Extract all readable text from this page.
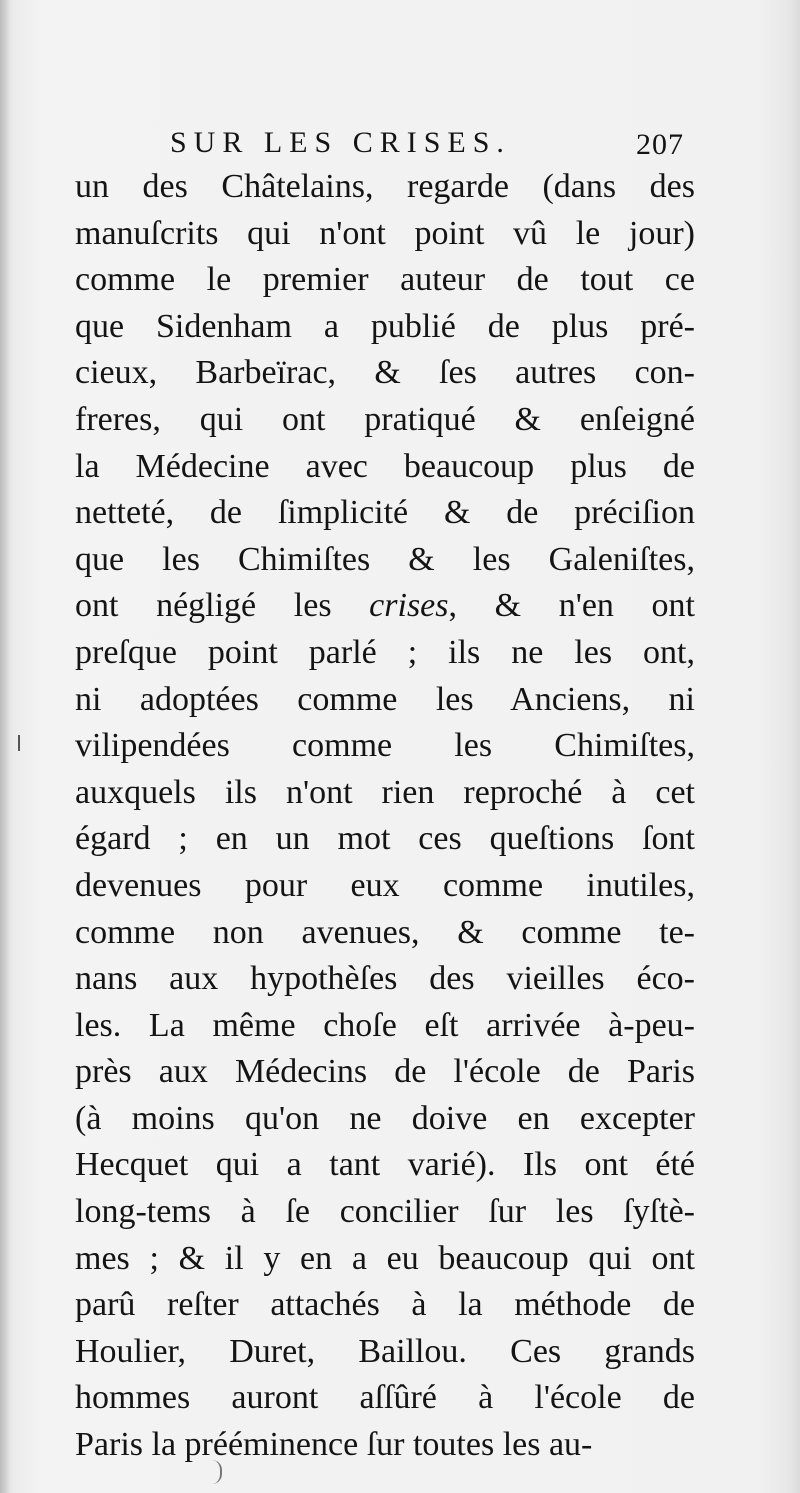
SUR LES CRISES.	207
un des Châtelains, regarde (dans des
manuſcrits qui n'ont point vû le jour)
comme le premier auteur de tout ce
que Sidenham a publié de plus pré-
cieux, Barbeïrac, & ſes autres con-
freres, qui ont pratiqué & enſeigné
la Médecine avec beaucoup plus de
netteté, de ſimplicité & de préciſion
que les Chimiſtes & les Galeniſtes,
ont négligé les crises, & n'en ont
preſque point parlé ; ils ne les ont,
ni adoptées comme les Anciens, ni
vilipendées comme les Chimiſtes,
auxquels ils n'ont rien reproché à cet
égard ; en un mot ces queſtions ſont
devenues pour eux comme inutiles,
comme non avenues, & comme te-
nans aux hypothèſes des vieilles éco-
les. La même choſe eſt arrivée à-peu-
près aux Médecins de l'école de Paris
(à moins qu'on ne doive en excepter
Hecquet qui a tant varié). Ils ont été
long-tems à ſe concilier ſur les ſyſtè-
mes ; & il y en a eu beaucoup qui ont
parû reſter attachés à la méthode de
Houlier, Duret, Baillou. Ces grands
hommes auront aſſûré à l'école de
Paris la prééminence ſur toutes les au-
